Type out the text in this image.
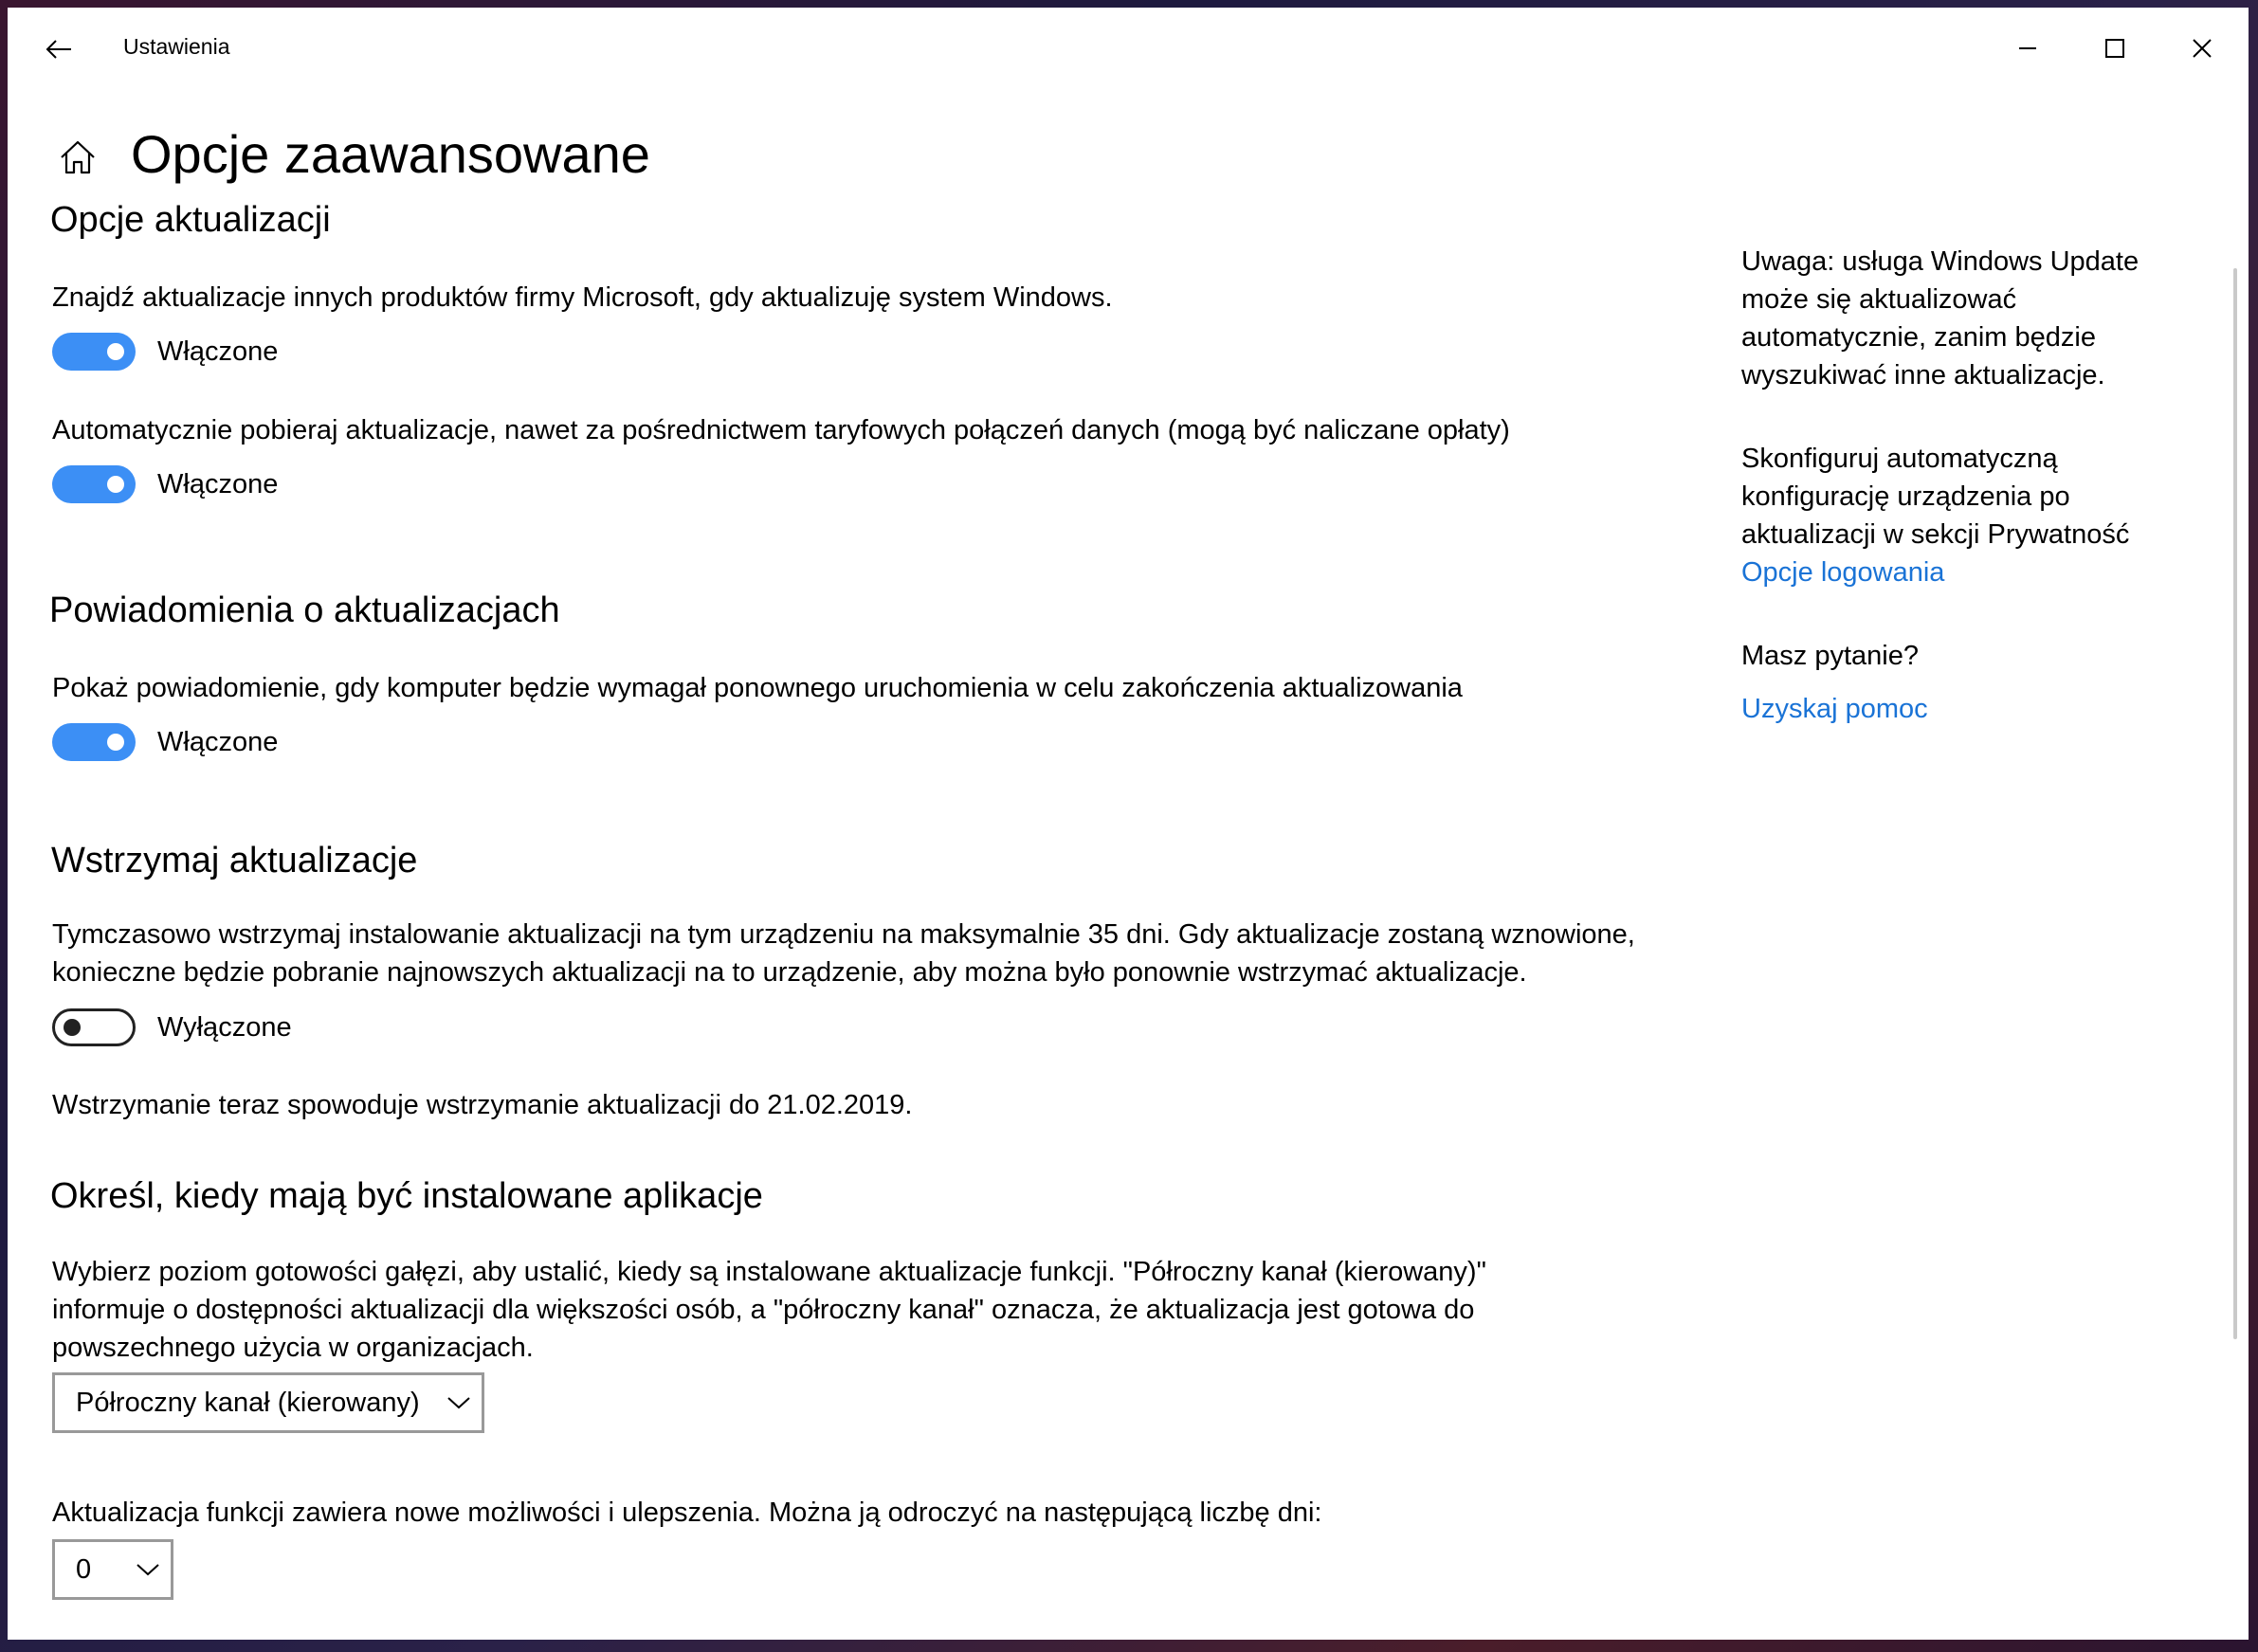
Ustawienia
Opcje zaawansowane
Opcje aktualizacji
Znajdź aktualizacje innych produktów firmy Microsoft, gdy aktualizuję system Windows.
Włączone
Automatycznie pobieraj aktualizacje, nawet za pośrednictwem taryfowych połączeń danych (mogą być naliczane opłaty)
Włączone
Powiadomienia o aktualizacjach
Pokaż powiadomienie, gdy komputer będzie wymagał ponownego uruchomienia w celu zakończenia aktualizowania
Włączone
Wstrzymaj aktualizacje
Tymczasowo wstrzymaj instalowanie aktualizacji na tym urządzeniu na maksymalnie 35 dni. Gdy aktualizacje zostaną wznowione, konieczne będzie pobranie najnowszych aktualizacji na to urządzenie, aby można było ponownie wstrzymać aktualizacje.
Wyłączone
Wstrzymanie teraz spowoduje wstrzymanie aktualizacji do 21.02.2019.
Określ, kiedy mają być instalowane aplikacje
Wybierz poziom gotowości gałęzi, aby ustalić, kiedy są instalowane aktualizacje funkcji. "Półroczny kanał (kierowany)" informuje o dostępności aktualizacji dla większości osób, a "półroczny kanał" oznacza, że aktualizacja jest gotowa do powszechnego użycia w organizacjach.
Półroczny kanał (kierowany)
Aktualizacja funkcji zawiera nowe możliwości i ulepszenia. Można ją odroczyć na następującą liczbę dni:
0
Uwaga: usługa Windows Update może się aktualizować automatycznie, zanim będzie wyszukiwać inne aktualizacje.
Skonfiguruj automatyczną konfigurację urządzenia po aktualizacji w sekcji Prywatność
Opcje logowania
Masz pytanie?
Uzyskaj pomoc
